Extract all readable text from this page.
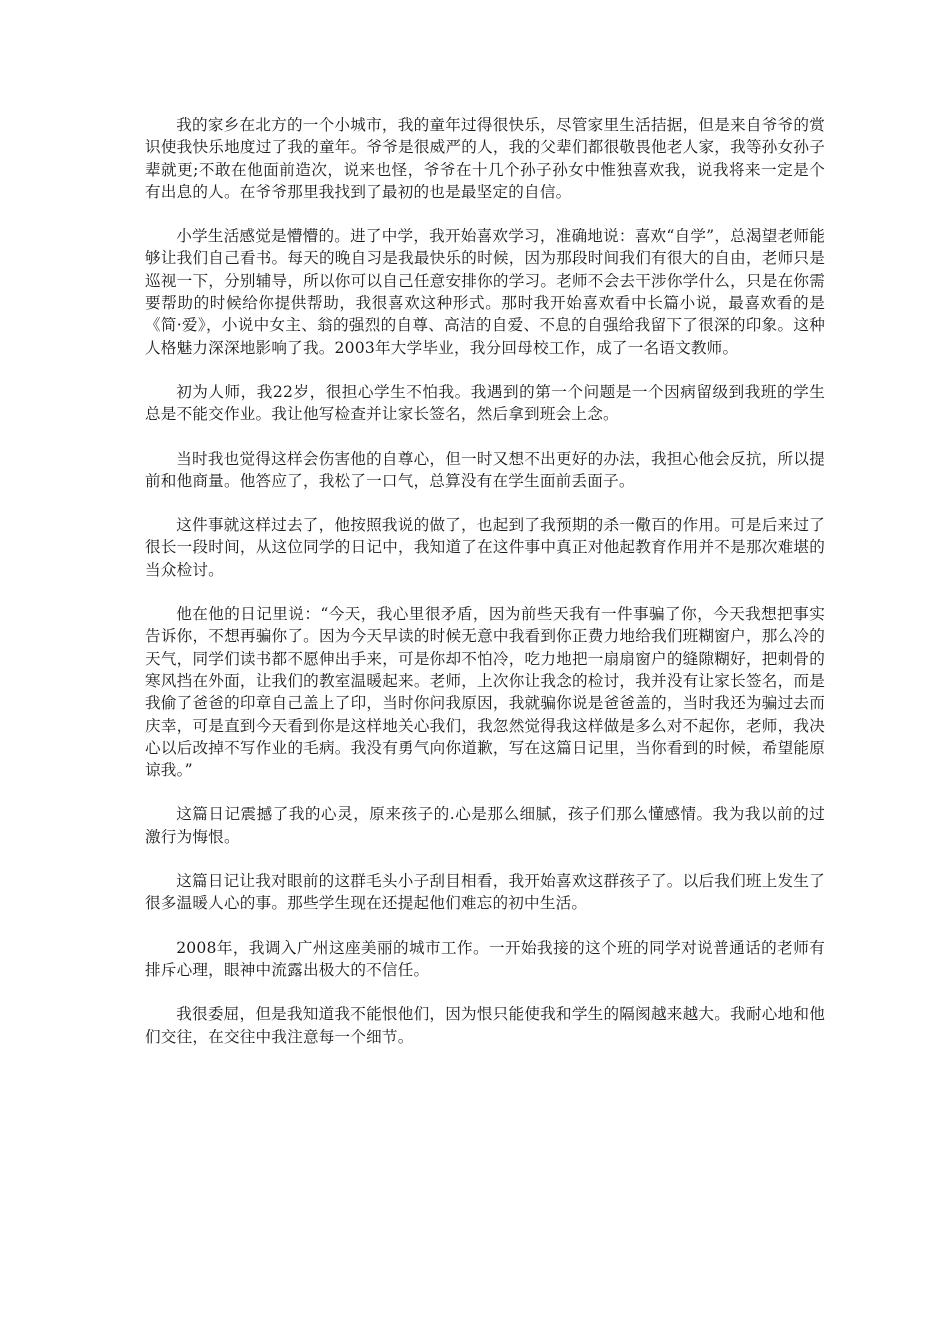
我的家乡在北方的一个小城市，我的童年过得很快乐，尽管家里生活拮据，但是来自爷爷的赏识使我快乐地度过了我的童年。爷爷是很威严的人，我的父辈们都很敬畏他老人家，我等孙女孙子辈就更;不敢在他面前造次，说来也怪，爷爷在十几个孙子孙女中惟独喜欢我，说我将来一定是个有出息的人。在爷爷那里我找到了最初的也是最坚定的自信。

小学生活感觉是懵懵的。进了中学，我开始喜欢学习，准确地说：喜欢“自学”，总渴望老师能够让我们自己看书。每天的晚自习是我最快乐的时候，因为那段时间我们有很大的自由，老师只是巡视一下，分别辅导，所以你可以自己任意安排你的学习。老师不会去干涉你学什么，只是在你需要帮助的时候给你提供帮助，我很喜欢这种形式。那时我开始喜欢看中长篇小说，最喜欢看的是《简·爱》，小说中女主、翁的强烈的自尊、高洁的自爱、不息的自强给我留下了很深的印象。这种人格魅力深深地影响了我。2003年大学毕业，我分回母校工作，成了一名语文教师。

初为人师，我22岁，很担心学生不怕我。我遇到的第一个问题是一个因病留级到我班的学生总是不能交作业。我让他写检查并让家长签名，然后拿到班会上念。

当时我也觉得这样会伤害他的自尊心，但一时又想不出更好的办法，我担心他会反抗，所以提前和他商量。他答应了，我松了一口气，总算没有在学生面前丢面子。

这件事就这样过去了，他按照我说的做了，也起到了我预期的杀一儆百的作用。可是后来过了很长一段时间，从这位同学的日记中，我知道了在这件事中真正对他起教育作用并不是那次难堪的当众检讨。

他在他的日记里说：“今天，我心里很矛盾，因为前些天我有一件事骗了你，今天我想把事实告诉你，不想再骗你了。因为今天早读的时候无意中我看到你正费力地给我们班糊窗户，那么冷的天气，同学们读书都不愿伸出手来，可是你却不怕冷，吃力地把一扇扇窗户的缝隙糊好，把刺骨的寒风挡在外面，让我们的教室温暖起来。老师，上次你让我念的检讨，我并没有让家长签名，而是我偷了爸爸的印章自己盖上了印，当时你问我原因，我就骗你说是爸爸盖的，当时我还为骗过去而庆幸，可是直到今天看到你是这样地关心我们，我忽然觉得我这样做是多么对不起你，老师，我决心以后改掉不写作业的毛病。我没有勇气向你道歉，写在这篇日记里，当你看到的时候，希望能原谅我。”

这篇日记震撼了我的心灵，原来孩子的.心是那么细腻，孩子们那么懂感情。我为我以前的过激行为悔恨。

这篇日记让我对眼前的这群毛头小子刮目相看，我开始喜欢这群孩子了。以后我们班上发生了很多温暖人心的事。那些学生现在还提起他们难忘的初中生活。

2008年，我调入广州这座美丽的城市工作。一开始我接的这个班的同学对说普通话的老师有排斥心理，眼神中流露出极大的不信任。

我很委屈，但是我知道我不能恨他们，因为恨只能使我和学生的隔阂越来越大。我耐心地和他们交往，在交往中我注意每一个细节。
